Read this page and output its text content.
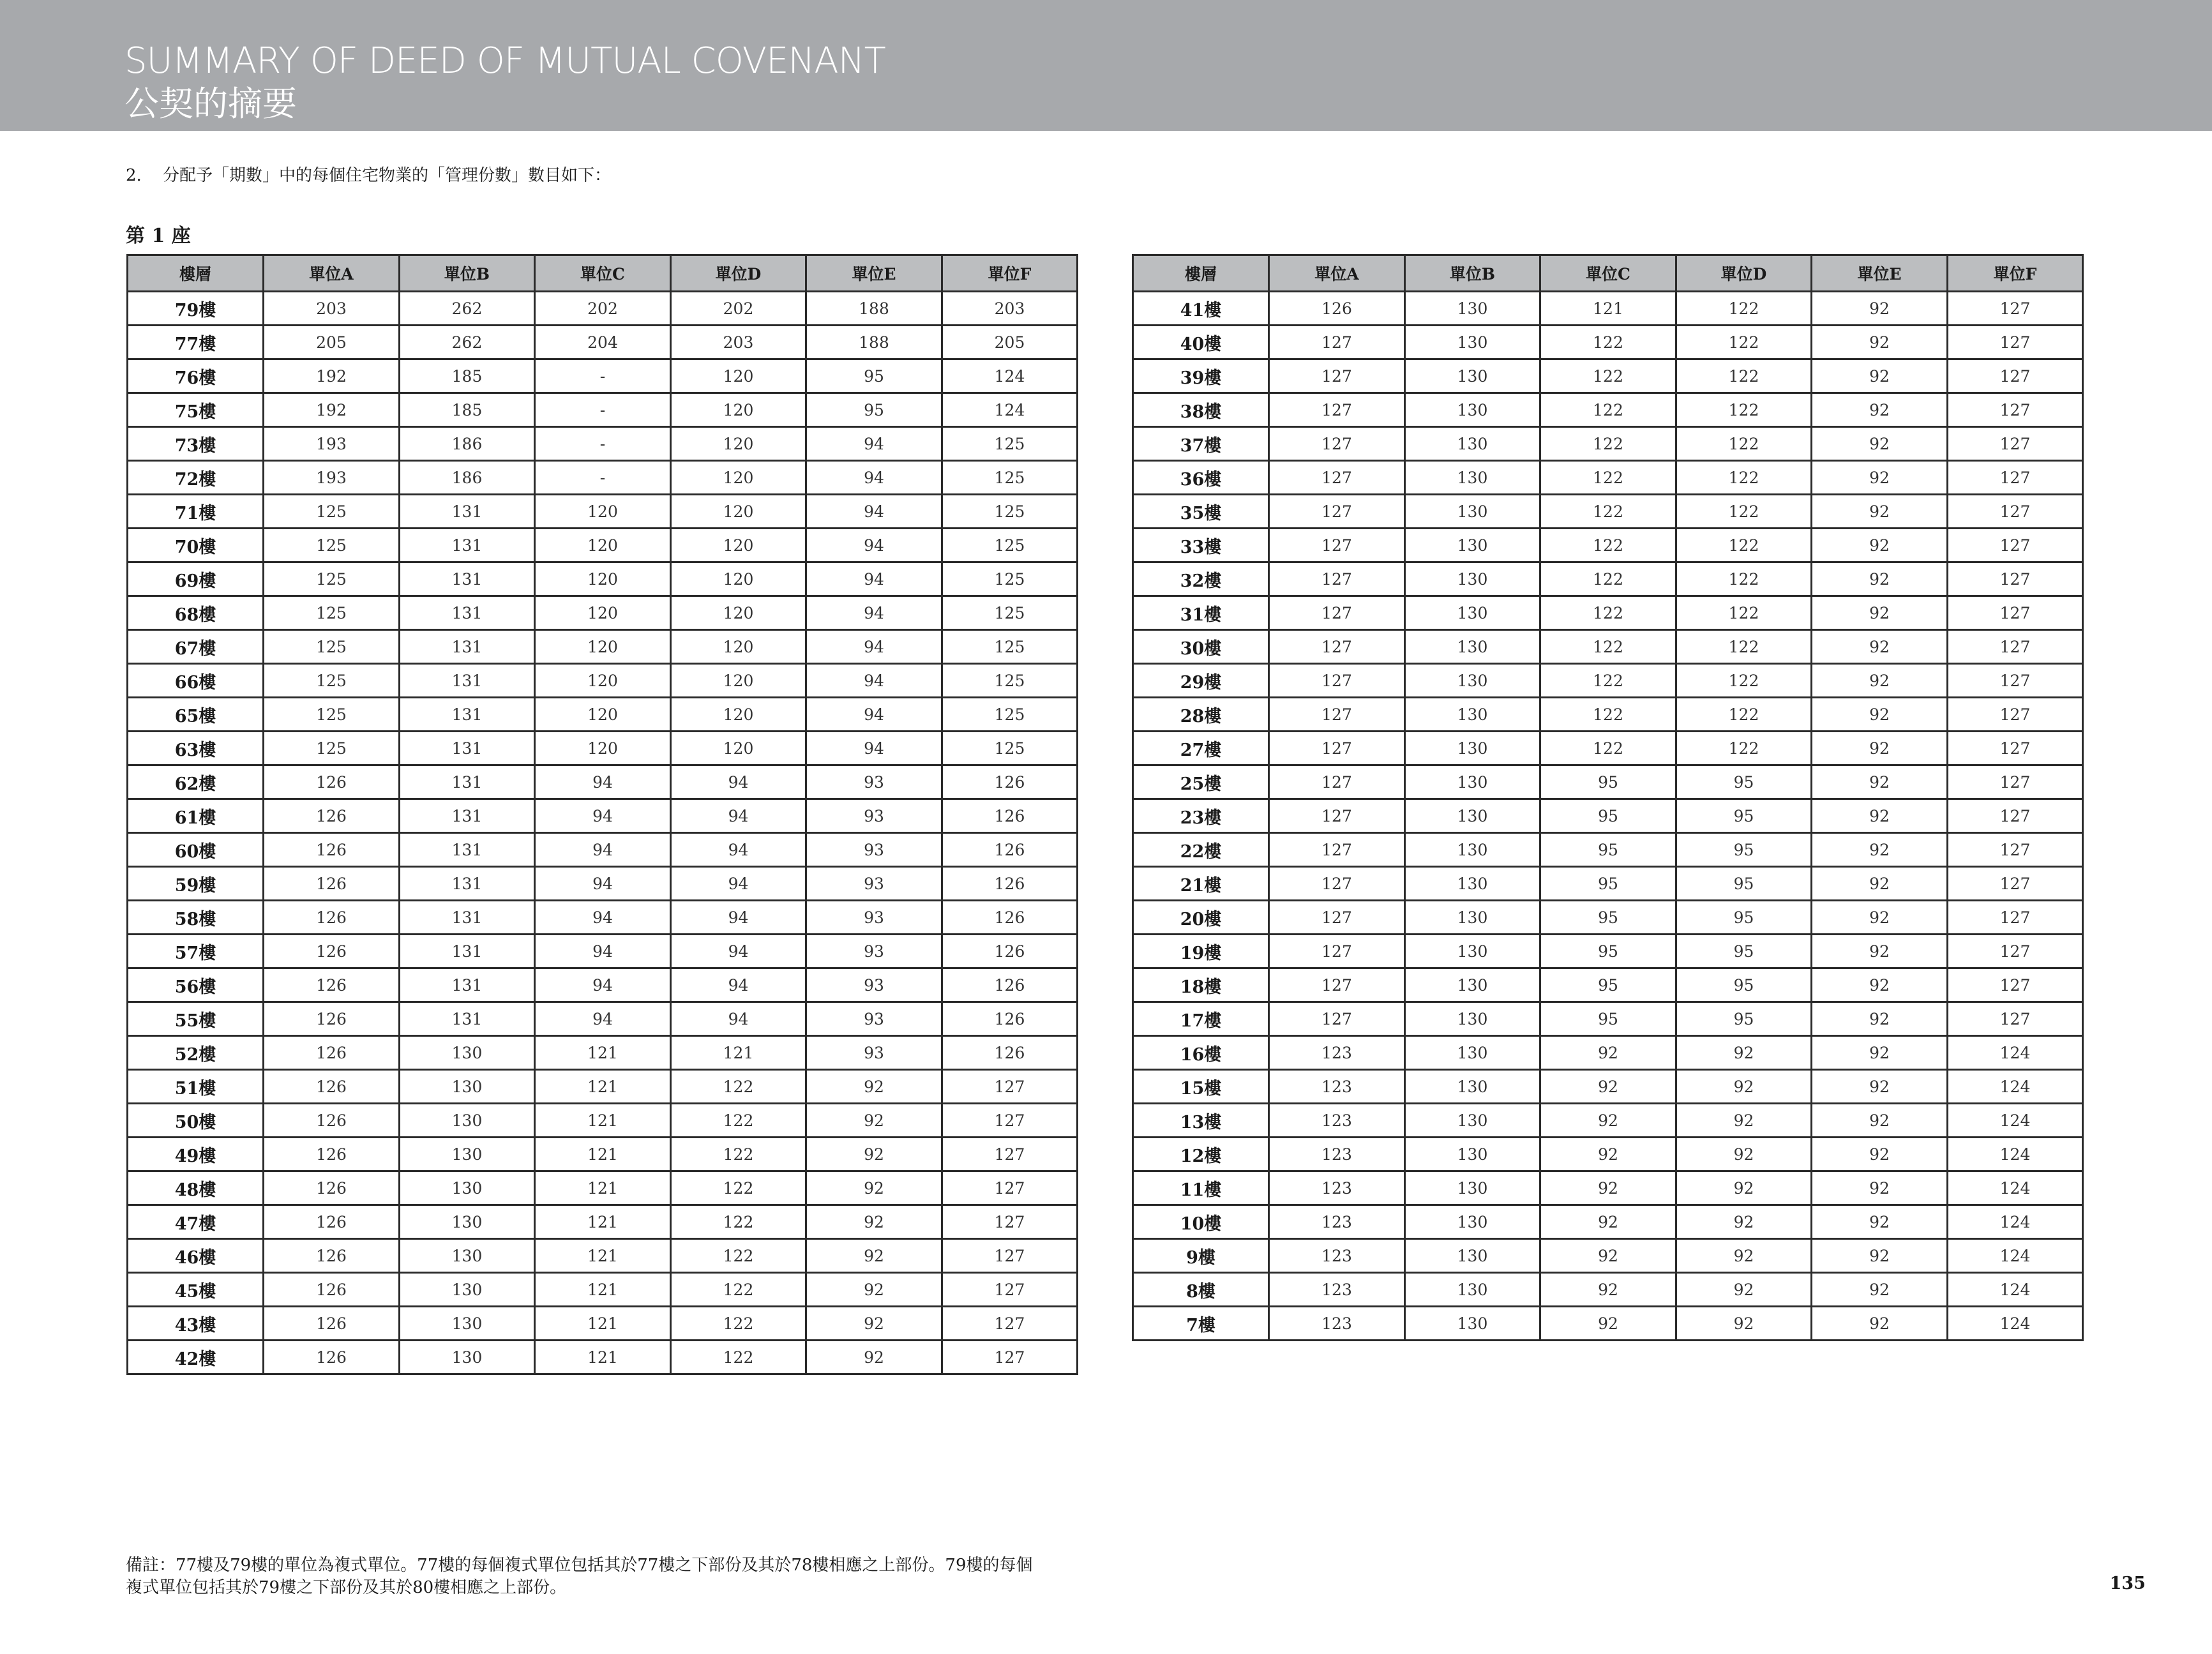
SUMMARY OF DEED OF MUTUAL COVENANT
公契的摘要
2. 分配予「期數」中的每個住宅物業的「管理份數」數目如下：
第 1 座
樓層	單位A	單位B	單位C	單位D	單位E	單位F
79樓	203	262	202	202	188	203
77樓	205	262	204	203	188	205
76樓	192	185	-	120	95	124
75樓	192	185	-	120	95	124
73樓	193	186	-	120	94	125
72樓	193	186	-	120	94	125
71樓	125	131	120	120	94	125
70樓	125	131	120	120	94	125
69樓	125	131	120	120	94	125
68樓	125	131	120	120	94	125
67樓	125	131	120	120	94	125
66樓	125	131	120	120	94	125
65樓	125	131	120	120	94	125
63樓	125	131	120	120	94	125
62樓	126	131	94	94	93	126
61樓	126	131	94	94	93	126
60樓	126	131	94	94	93	126
59樓	126	131	94	94	93	126
58樓	126	131	94	94	93	126
57樓	126	131	94	94	93	126
56樓	126	131	94	94	93	126
55樓	126	131	94	94	93	126
52樓	126	130	121	121	93	126
51樓	126	130	121	122	92	127
50樓	126	130	121	122	92	127
49樓	126	130	121	122	92	127
48樓	126	130	121	122	92	127
47樓	126	130	121	122	92	127
46樓	126	130	121	122	92	127
45樓	126	130	121	122	92	127
43樓	126	130	121	122	92	127
42樓	126	130	121	122	92	127
樓層	單位A	單位B	單位C	單位D	單位E	單位F
41樓	126	130	121	122	92	127
40樓	127	130	122	122	92	127
39樓	127	130	122	122	92	127
38樓	127	130	122	122	92	127
37樓	127	130	122	122	92	127
36樓	127	130	122	122	92	127
35樓	127	130	122	122	92	127
33樓	127	130	122	122	92	127
32樓	127	130	122	122	92	127
31樓	127	130	122	122	92	127
30樓	127	130	122	122	92	127
29樓	127	130	122	122	92	127
28樓	127	130	122	122	92	127
27樓	127	130	122	122	92	127
25樓	127	130	95	95	92	127
23樓	127	130	95	95	92	127
22樓	127	130	95	95	92	127
21樓	127	130	95	95	92	127
20樓	127	130	95	95	92	127
19樓	127	130	95	95	92	127
18樓	127	130	95	95	92	127
17樓	127	130	95	95	92	127
16樓	123	130	92	92	92	124
15樓	123	130	92	92	92	124
13樓	123	130	92	92	92	124
12樓	123	130	92	92	92	124
11樓	123	130	92	92	92	124
10樓	123	130	92	92	92	124
9樓	123	130	92	92	92	124
8樓	123	130	92	92	92	124
7樓	123	130	92	92	92	124
備註：77樓及79樓的單位為複式單位。77樓的每個複式單位包括其於77樓之下部份及其於78樓相應之上部份。79樓的每個
複式單位包括其於79樓之下部份及其於80樓相應之上部份。	135
